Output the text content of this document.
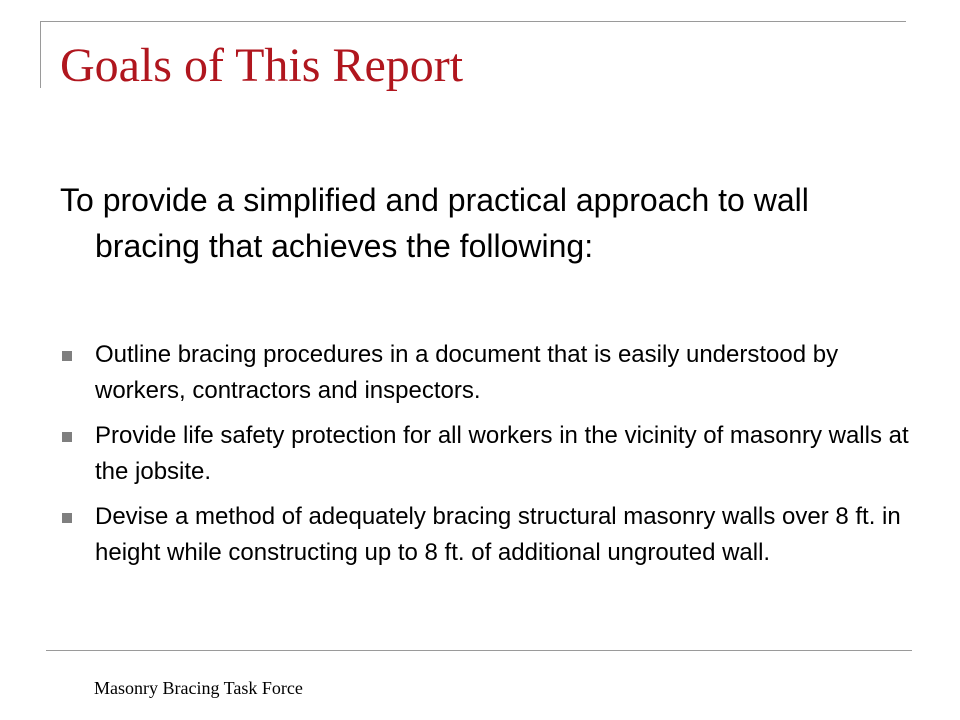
Goals of This Report

To provide a simplified and practical approach to wall bracing that achieves the following:

Outline bracing procedures in a document that is easily understood by workers, contractors and inspectors.
Provide life safety protection for all workers in the vicinity of masonry walls at the jobsite.
Devise a method of adequately bracing structural masonry walls over 8 ft. in height while constructing up to 8 ft. of additional ungrouted wall.

Masonry Bracing Task Force
